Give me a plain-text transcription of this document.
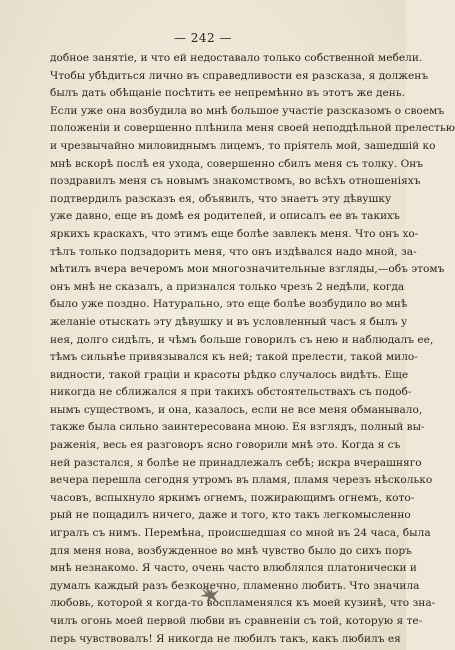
— 242 —
добное занятіе, и что ей недоставало только собственной мебели.
Чтобы убѣдиться лично въ справедливости ея разсказа, я долженъ
былъ дать обѣщаніе посѣтить ее непремѣнно въ этотъ же день.
Если уже она возбудила во мнѣ большое участіе разсказомъ о своемъ
положеніи и совершенно плѣнила меня своей неподдѣльной прелестью
и чрезвычайно миловиднымъ лицемъ, то пріятель мой, зашедшій ко
мнѣ вскорѣ послѣ ея ухода, совершенно сбилъ меня съ толку. Онъ
поздравилъ меня съ новымъ знакомствомъ, во всѣхъ отношеніяхъ
подтвердилъ разсказъ ея, объявилъ, что знаетъ эту дѣвушку
уже давно, еще въ домѣ ея родителей, и описалъ ее въ такихъ
яркихъ краскахъ, что этимъ еще болѣе завлекъ меня. Что онъ хо-
тѣлъ только подзадорить меня, что онъ издѣвался надо мной, за-
мѣтилъ вчера вечеромъ мои многозначительные взгляды,—объ этомъ
онъ мнѣ не сказалъ, а признался только чрезъ 2 недѣли, когда
было уже поздно. Натурально, это еще болѣе возбудило во мнѣ
желаніе отыскать эту дѣвушку и въ условленный часъ я былъ у
нея, долго сидѣлъ, и чѣмъ больше говорилъ съ нею и наблюдалъ ее,
тѣмъ сильнѣе привязывался къ ней; такой прелести, такой мило-
видности, такой граціи и красоты рѣдко случалось видѣть. Еще
никогда не сближался я при такихъ обстоятельствахъ съ подоб-
нымъ существомъ, и она, казалось, если не все меня обманывало,
также была сильно заинтересована мною. Ея взглядъ, полный вы-
раженія, весь ея разговоръ ясно говорили мнѣ это. Когда я съ
ней разстался, я болѣе не принадлежалъ себѣ; искра вчерашняго
вечера перешла сегодня утромъ въ пламя, пламя черезъ нѣсколько
часовъ, вспыхнуло яркимъ огнемъ, пожирающимъ огнемъ, кото-
рый не пощадилъ ничего, даже и того, кто такъ легкомысленно
игралъ съ нимъ. Перемѣна, происшедшая со мной въ 24 часа, была
для меня нова, возбужденное во мнѣ чувство было до сихъ поръ
мнѣ незнакомо. Я часто, очень часто влюблялся платонически и
думалъ каждый разъ безконечно, пламенно любить. Что значила
любовь, которой я когда-то воспламенялся къ моей кузинѣ, что зна-
чилъ огонь моей первой любви въ сравненіи съ той, которую я те-
перь чувствовалъ! Я никогда не любилъ такъ, какъ любилъ ея
